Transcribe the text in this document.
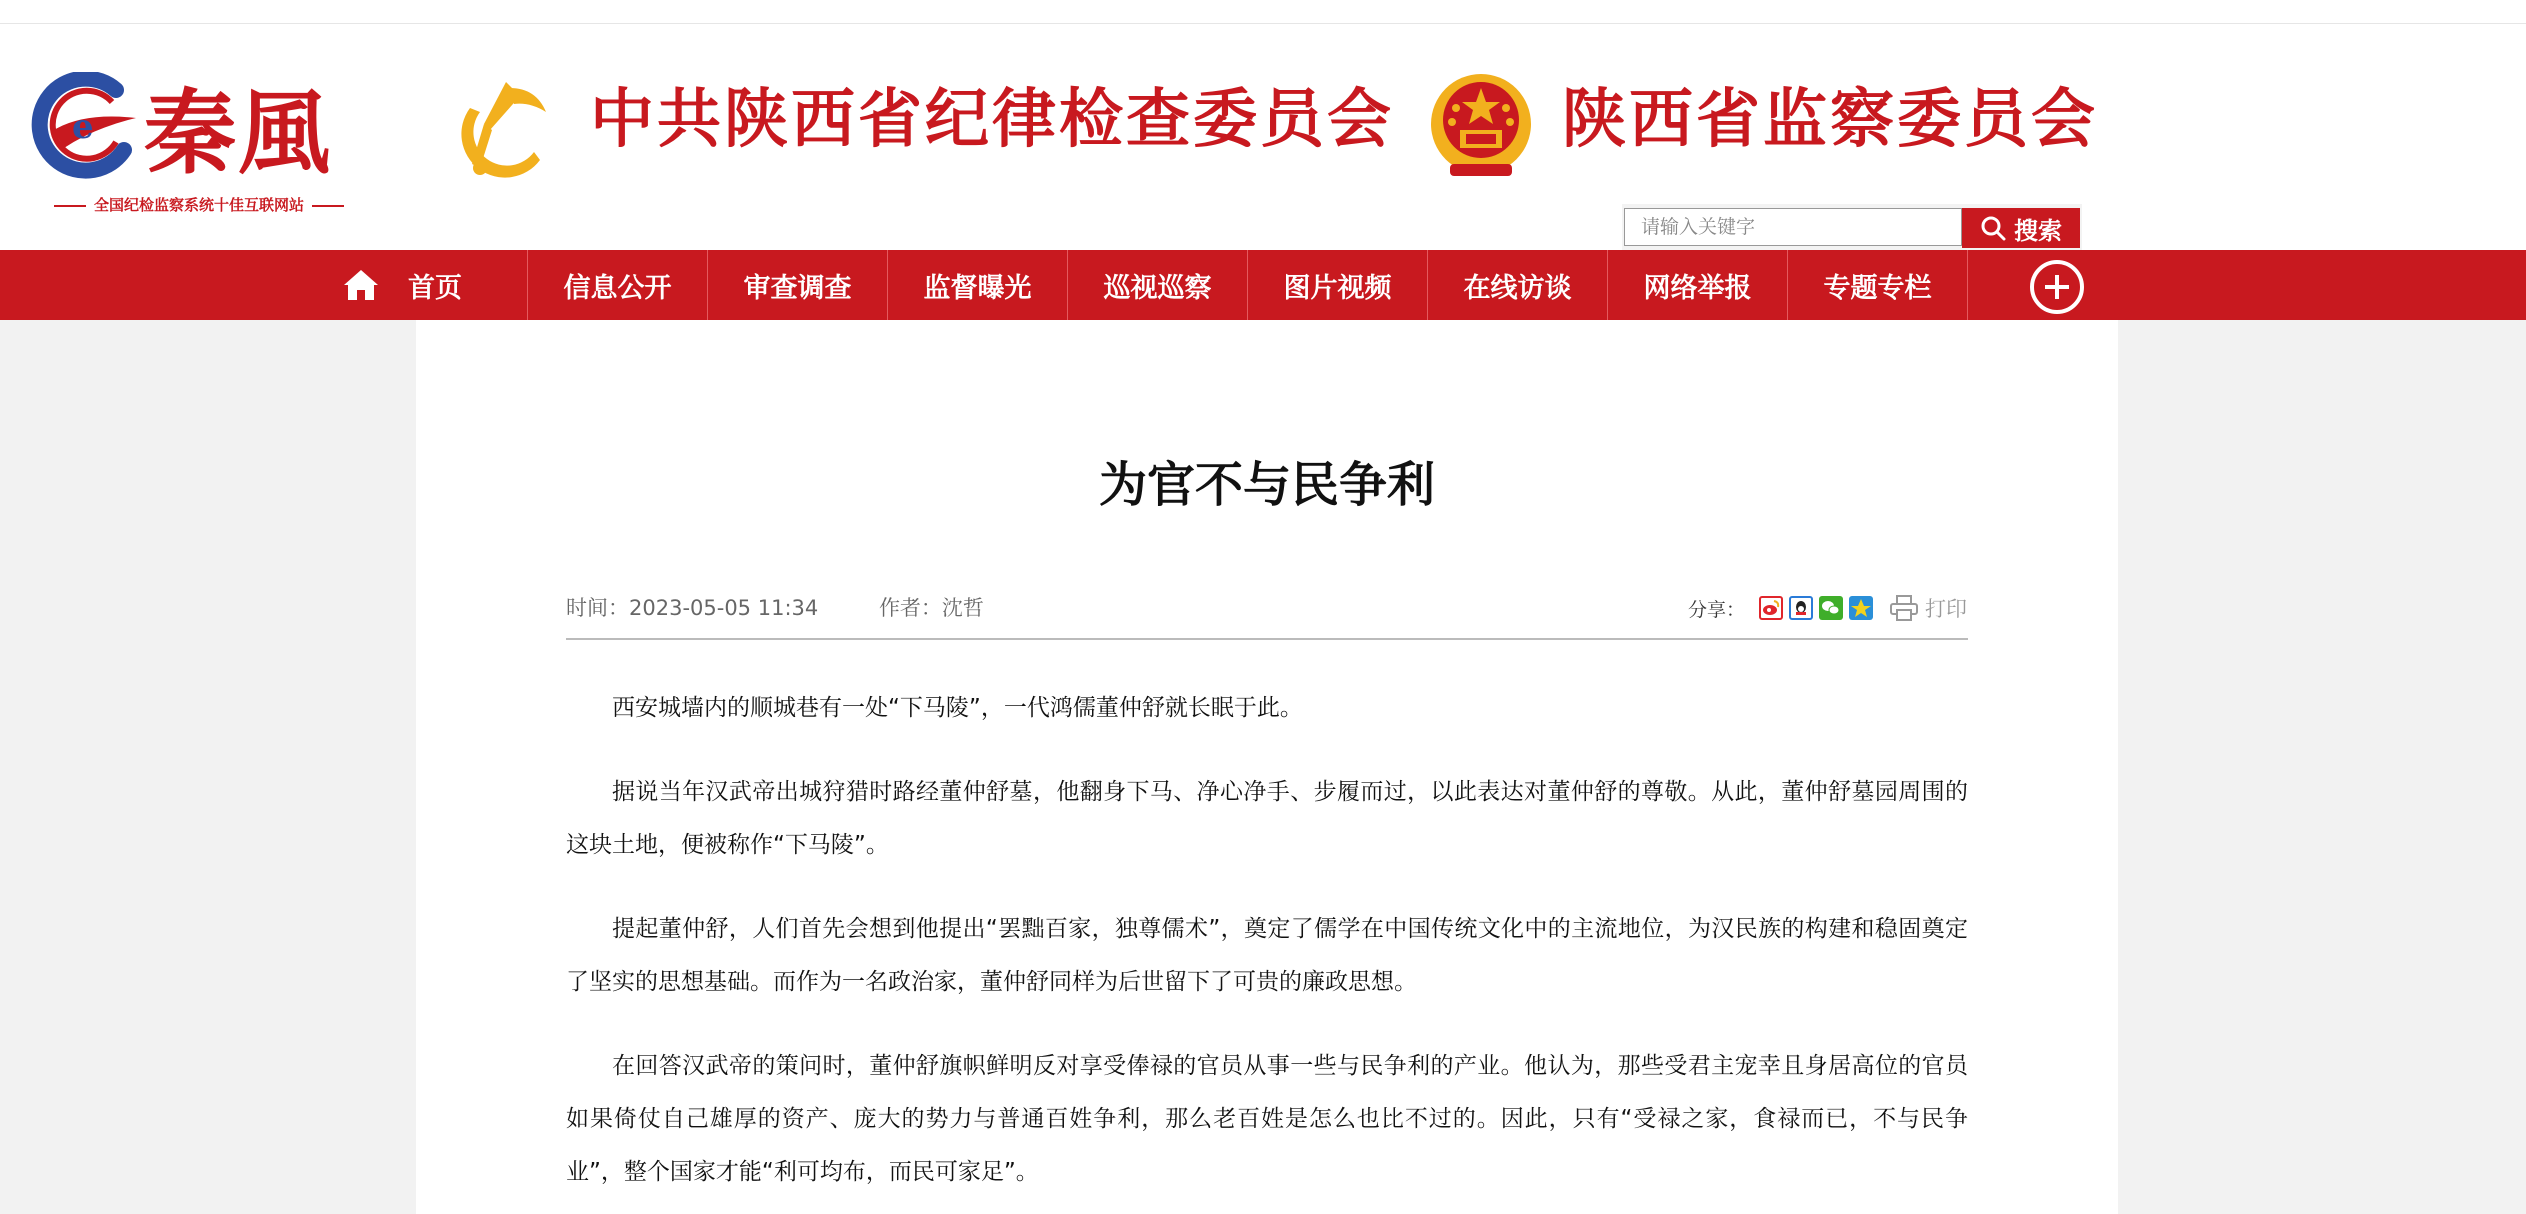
e 秦風
全国纪检监察系统十佳互联网站
中共陕西省纪律检查委员会	陕西省监察委员会
请输入关键字
搜索
首页	信息公开	审查调查	监督曝光	巡视巡察	图片视频	在线访谈	网络举报	专题专栏
为官不与民争利
时间：2023-05-05 11:34	作者：沈哲	分享：	打印

西安城墙内的顺城巷有一处“下马陵”，一代鸿儒董仲舒就长眠于此。

据说当年汉武帝出城狩猎时路经董仲舒墓，他翻身下马、净心净手、步履而过，以此表达对董仲舒的尊敬。从此，董仲舒墓园周围的这块土地，便被称作“下马陵”。

提起董仲舒，人们首先会想到他提出“罢黜百家，独尊儒术”，奠定了儒学在中国传统文化中的主流地位，为汉民族的构建和稳固奠定了坚实的思想基础。而作为一名政治家，董仲舒同样为后世留下了可贵的廉政思想。

在回答汉武帝的策问时，董仲舒旗帜鲜明反对享受俸禄的官员从事一些与民争利的产业。他认为，那些受君主宠幸且身居高位的官员如果倚仗自己雄厚的资产、庞大的势力与普通百姓争利，那么老百姓是怎么也比不过的。因此，只有“受禄之家，食禄而已，不与民争业”，整个国家才能“利可均布，而民可家足”。
